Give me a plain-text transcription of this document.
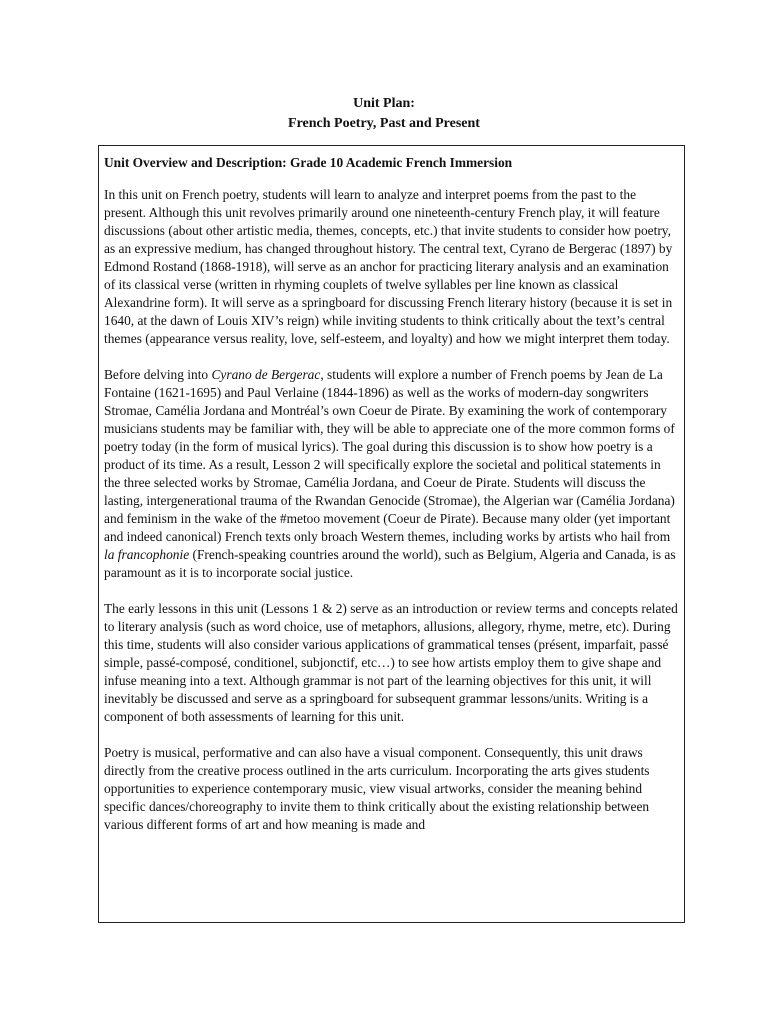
Unit Plan:
French Poetry, Past and Present
Unit Overview and Description: Grade 10 Academic French Immersion

In this unit on French poetry, students will learn to analyze and interpret poems from the past to the present. Although this unit revolves primarily around one nineteenth-century French play, it will feature discussions (about other artistic media, themes, concepts, etc.) that invite students to consider how poetry, as an expressive medium, has changed throughout history. The central text, Cyrano de Bergerac (1897) by Edmond Rostand (1868-1918), will serve as an anchor for practicing literary analysis and an examination of its classical verse (written in rhyming couplets of twelve syllables per line known as classical Alexandrine form). It will serve as a springboard for discussing French literary history (because it is set in 1640, at the dawn of Louis XIV’s reign) while inviting students to think critically about the text’s central themes (appearance versus reality, love, self-esteem, and loyalty) and how we might interpret them today.

Before delving into Cyrano de Bergerac, students will explore a number of French poems by Jean de La Fontaine (1621-1695) and Paul Verlaine (1844-1896) as well as the works of modern-day songwriters Stromae, Camélia Jordana and Montréal’s own Coeur de Pirate. By examining the work of contemporary musicians students may be familiar with, they will be able to appreciate one of the more common forms of poetry today (in the form of musical lyrics). The goal during this discussion is to show how poetry is a product of its time. As a result, Lesson 2 will specifically explore the societal and political statements in the three selected works by Stromae, Camélia Jordana, and Coeur de Pirate. Students will discuss the lasting, intergenerational trauma of the Rwandan Genocide (Stromae), the Algerian war (Camélia Jordana) and feminism in the wake of the #metoo movement (Coeur de Pirate). Because many older (yet important and indeed canonical) French texts only broach Western themes, including works by artists who hail from la francophonie (French-speaking countries around the world), such as Belgium, Algeria and Canada, is as paramount as it is to incorporate social justice.

The early lessons in this unit (Lessons 1 & 2) serve as an introduction or review terms and concepts related to literary analysis (such as word choice, use of metaphors, allusions, allegory, rhyme, metre, etc). During this time, students will also consider various applications of grammatical tenses (présent, imparfait, passé simple, passé-composé, conditionel, subjonctif, etc…) to see how artists employ them to give shape and infuse meaning into a text. Although grammar is not part of the learning objectives for this unit, it will inevitably be discussed and serve as a springboard for subsequent grammar lessons/units. Writing is a component of both assessments of learning for this unit.

Poetry is musical, performative and can also have a visual component. Consequently, this unit draws directly from the creative process outlined in the arts curriculum. Incorporating the arts gives students opportunities to experience contemporary music, view visual artworks, consider the meaning behind specific dances/choreography to invite them to think critically about the existing relationship between various different forms of art and how meaning is made and
